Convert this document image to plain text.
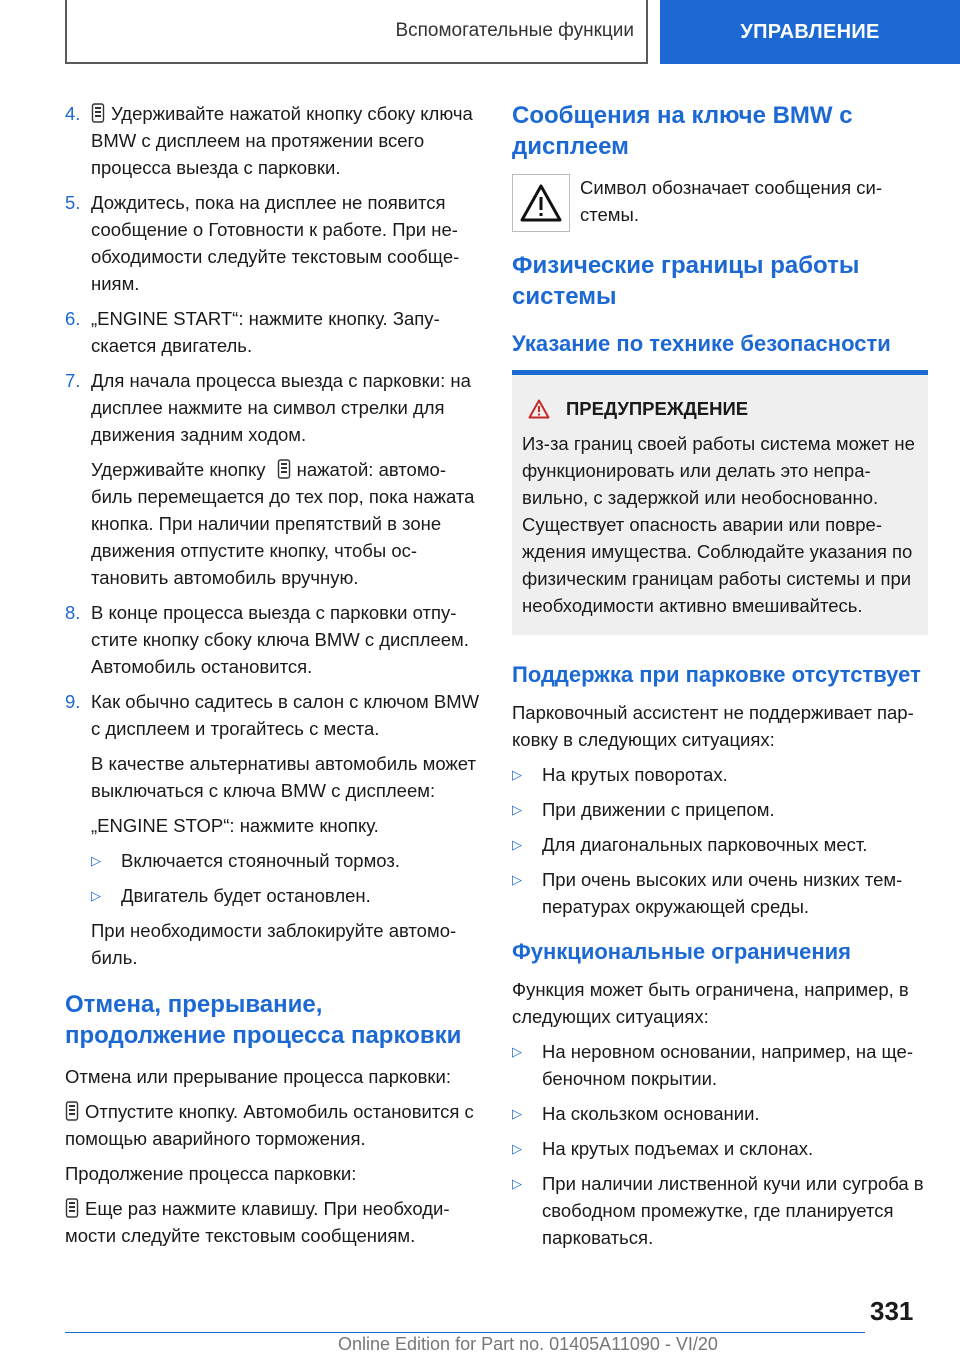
Вспомогательные функции	УПРАВЛЕНИЕ
4.	Удерживайте нажатой кнопку сбоку ключа BMW с дисплеем на протяжении всего процесса выезда с парковки.

5. Дождитесь, пока на дисплее не появится сообщение о Готовности к работе. При необходимости следуйте текстовым сообщениям.

6. „ENGINE START“: нажмите кнопку. Запускается двигатель.

7. Для начала процесса выезда с парковки: на дисплее нажмите на символ стрелки для движения задним ходом.

Удерживайте кнопку нажатой: автомобиль перемещается до тех пор, пока нажата кнопка. При наличии препятствий в зоне движения отпустите кнопку, чтобы остановить автомобиль вручную.

8. В конце процесса выезда с парковки отпустите кнопку сбоку ключа BMW с дисплеем. Автомобиль остановится.

9. Как обычно садитесь в салон с ключом BMW с дисплеем и трогайтесь с места.

В качестве альтернативы автомобиль может выключаться с ключа BMW с дисплеем:

„ENGINE STOP“: нажмите кнопку.

▷	Включается стояночный тормоз.
▷	Двигатель будет остановлен.

При необходимости заблокируйте автомобиль.

Отмена, прерывание, продолжение процесса парковки

Отмена или прерывание процесса парковки:

Отпустите кнопку. Автомобиль остановится с помощью аварийного торможения.

Продолжение процесса парковки:

Еще раз нажмите клавишу. При необходимости следуйте текстовым сообщениям.

Сообщения на ключе BMW с дисплеем

Символ обозначает сообщения системы.

Физические границы работы системы
Указание по технике безопасности
ПРЕДУПРЕЖДЕНИЕ

Из-за границ своей работы система может не функционировать или делать это неправильно, с задержкой или необоснованно. Существует опасность аварии или повреждения имущества. Соблюдайте указания по физическим границам работы системы и при необходимости активно вмешивайтесь.

Поддержка при парковке отсутствует

Парковочный ассистент не поддерживает парковку в следующих ситуациях:

▷	На крутых поворотах.
▷	При движении с прицепом.
▷	Для диагональных парковочных мест.
▷	При очень высоких или очень низких температурах окружающей среды.
Функциональные ограничения

Функция может быть ограничена, например, в следующих ситуациях:

▷	На неровном основании, например, на щебеночном покрытии.
▷	На скользком основании.
▷	На крутых подъемах и склонах.
▷	При наличии лиственной кучи или сугроба в свободном промежутке, где планируется парковаться.
331
Online Edition for Part no. 01405A11090 - VI/20
